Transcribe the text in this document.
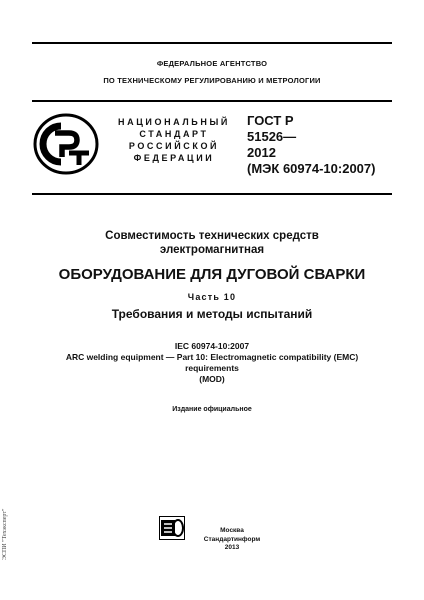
ФЕДЕРАЛЬНОЕ АГЕНТСТВО
ПО ТЕХНИЧЕСКОМУ РЕГУЛИРОВАНИЮ И МЕТРОЛОГИИ
НАЦИОНАЛЬНЫЙ
СТАНДАРТ
РОССИЙСКОЙ
ФЕДЕРАЦИИ
ГОСТ Р
51526—
2012
(МЭК 60974-10:2007)
Совместимость технических средств
электромагнитная
ОБОРУДОВАНИЕ ДЛЯ ДУГОВОЙ СВАРКИ
Часть 10
Требования и методы испытаний
IEC 60974-10:2007
ARC welding equipment — Part 10: Electromagnetic compatibility (EMC)
requirements
(MOD)
Издание официальное
Москва
Стандартинформ
2013
ЭСПИ "Техэксперт"
